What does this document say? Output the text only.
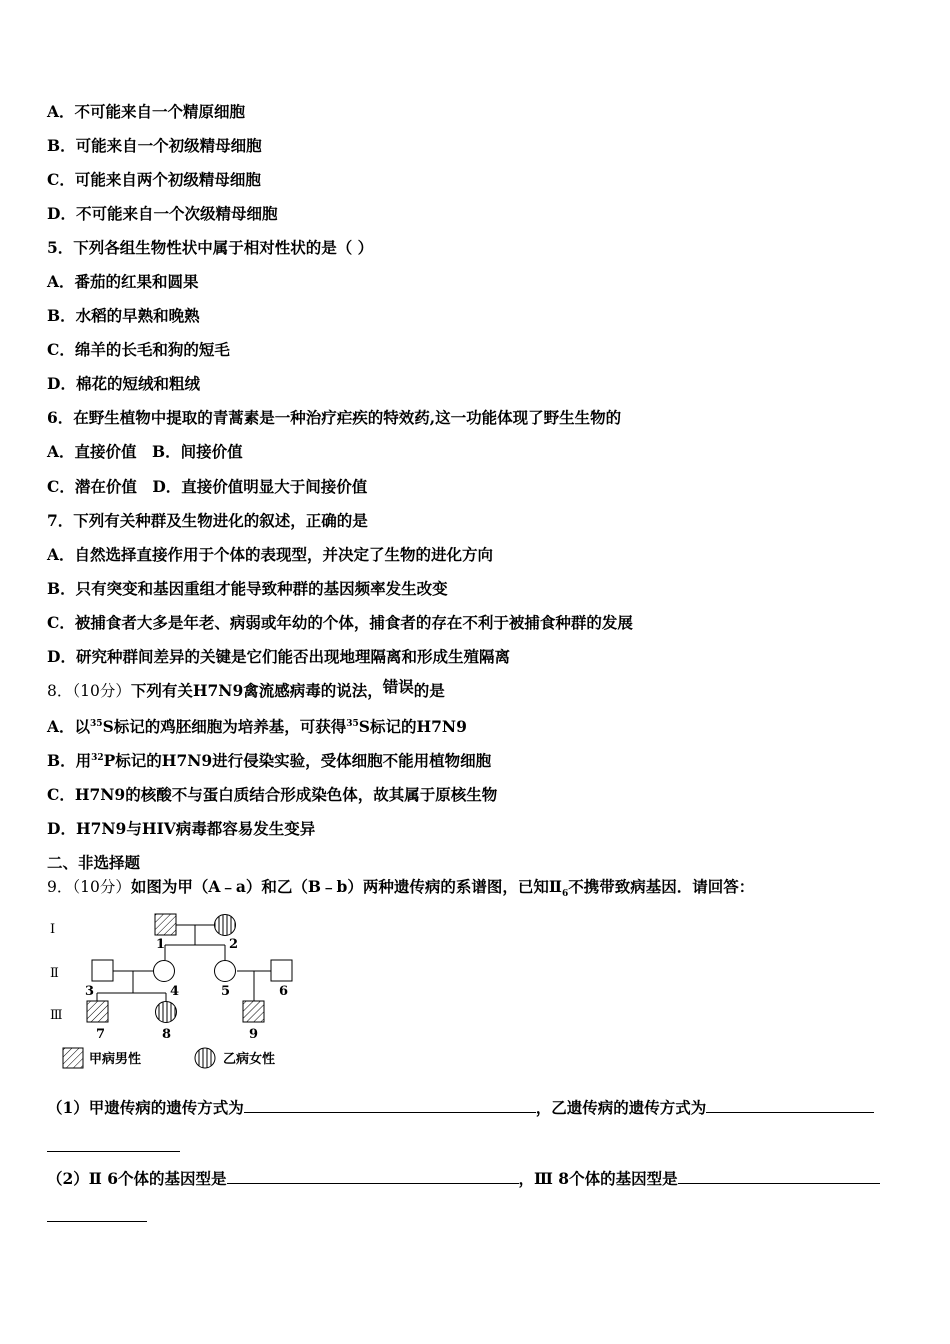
A．不可能来自一个精原细胞
B．可能来自一个初级精母细胞
C．可能来自两个初级精母细胞
D．不可能来自一个次级精母细胞
5．下列各组生物性状中属于相对性状的是（ ）
A．番茄的红果和圆果
B．水稻的早熟和晚熟
C．绵羊的长毛和狗的短毛
D．棉花的短绒和粗绒
6．在野生植物中提取的青蒿素是一种治疗疟疾的特效药,这一功能体现了野生生物的
A．直接价值　B．间接价值
C．潜在价值　D．直接价值明显大于间接价值
7．下列有关种群及生物进化的叙述，正确的是
A．自然选择直接作用于个体的表现型，并决定了生物的进化方向
B．只有突变和基因重组才能导致种群的基因频率发生改变
C．被捕食者大多是年老、病弱或年幼的个体，捕食者的存在不利于被捕食种群的发展
D．研究种群间差异的关键是它们能否出现地理隔离和形成生殖隔离
8．（10分）下列有关H7N9禽流感病毒的说法，错误的是
A．以$^{35}$S标记的鸡胚细胞为培养基，可获得$^{35}$S标记的H7N9
B．用$^{32}$P标记的H7N9进行侵染实验，受体细胞不能用植物细胞
C．H7N9的核酸不与蛋白质结合形成染色体，故其属于原核生物
D．H7N9与HIV病毒都容易发生变异
二、非选择题
9．（10分）如图为甲（A﹣a）和乙（B﹣b）两种遗传病的系谱图，已知$Ⅱ_6$不携带致病基因．请回答：
Ⅰ
Ⅱ
Ⅲ
1	2
3	4	5	6
7	8	9
甲病男性	乙病女性
（1）甲遗传病的遗传方式为	，乙遗传病的遗传方式为
（2）Ⅱ 6个体的基因型是	，Ⅲ 8个体的基因型是
